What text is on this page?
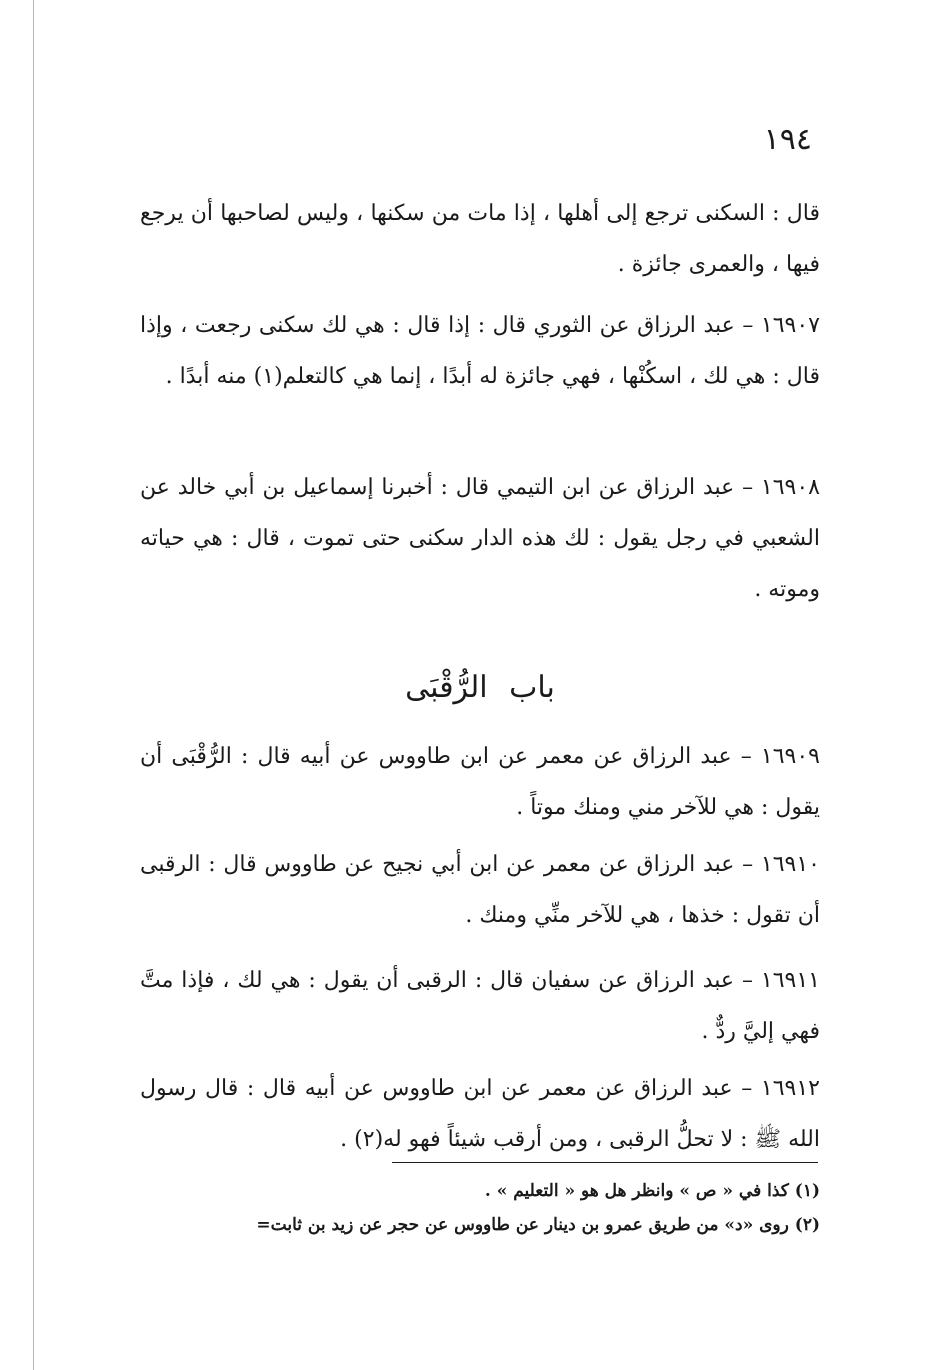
١٩٤

قال : السكنى ترجع إلى أهلها ، إذا مات من سكنها ، وليس لصاحبها أن يرجع فيها ، والعمرى جائزة .

١٦٩٠٧ – عبد الرزاق عن الثوري قال : إذا قال : هي لك سكنى رجعت ، وإذا قال : هي لك ، اسكُنْها ، فهي جائزة له أبدًا ، إنما هي كالتعلم(١) منه أبدًا .

١٦٩٠٨ – عبد الرزاق عن ابن التيمي قال : أخبرنا إسماعيل بن أبي خالد عن الشعبي في رجل يقول : لك هذه الدار سكنى حتى تموت ، قال : هي حياته وموته .

باب الرُّقْبَى

١٦٩٠٩ – عبد الرزاق عن معمر عن ابن طاووس عن أبيه قال : الرُّقْبَى أن يقول : هي للآخر مني ومنك موتاً .

١٦٩١٠ – عبد الرزاق عن معمر عن ابن أبي نجيح عن طاووس قال : الرقبى أن تقول : خذها ، هي للآخر منِّي ومنك .

١٦٩١١ – عبد الرزاق عن سفيان قال : الرقبى أن يقول : هي لك ، فإذا متَّ فهي إليَّ ردٌّ .

١٦٩١٢ – عبد الرزاق عن معمر عن ابن طاووس عن أبيه قال : قال رسول الله ﷺ : لا تحلُّ الرقبى ، ومن أرقب شيئاً فهو له(٢) .

(١) كذا في « ص » وانظر هل هو « التعليم » .

(٢) روى «د» من طريق عمرو بن دينار عن طاووس عن حجر عن زيد بن ثابت=
